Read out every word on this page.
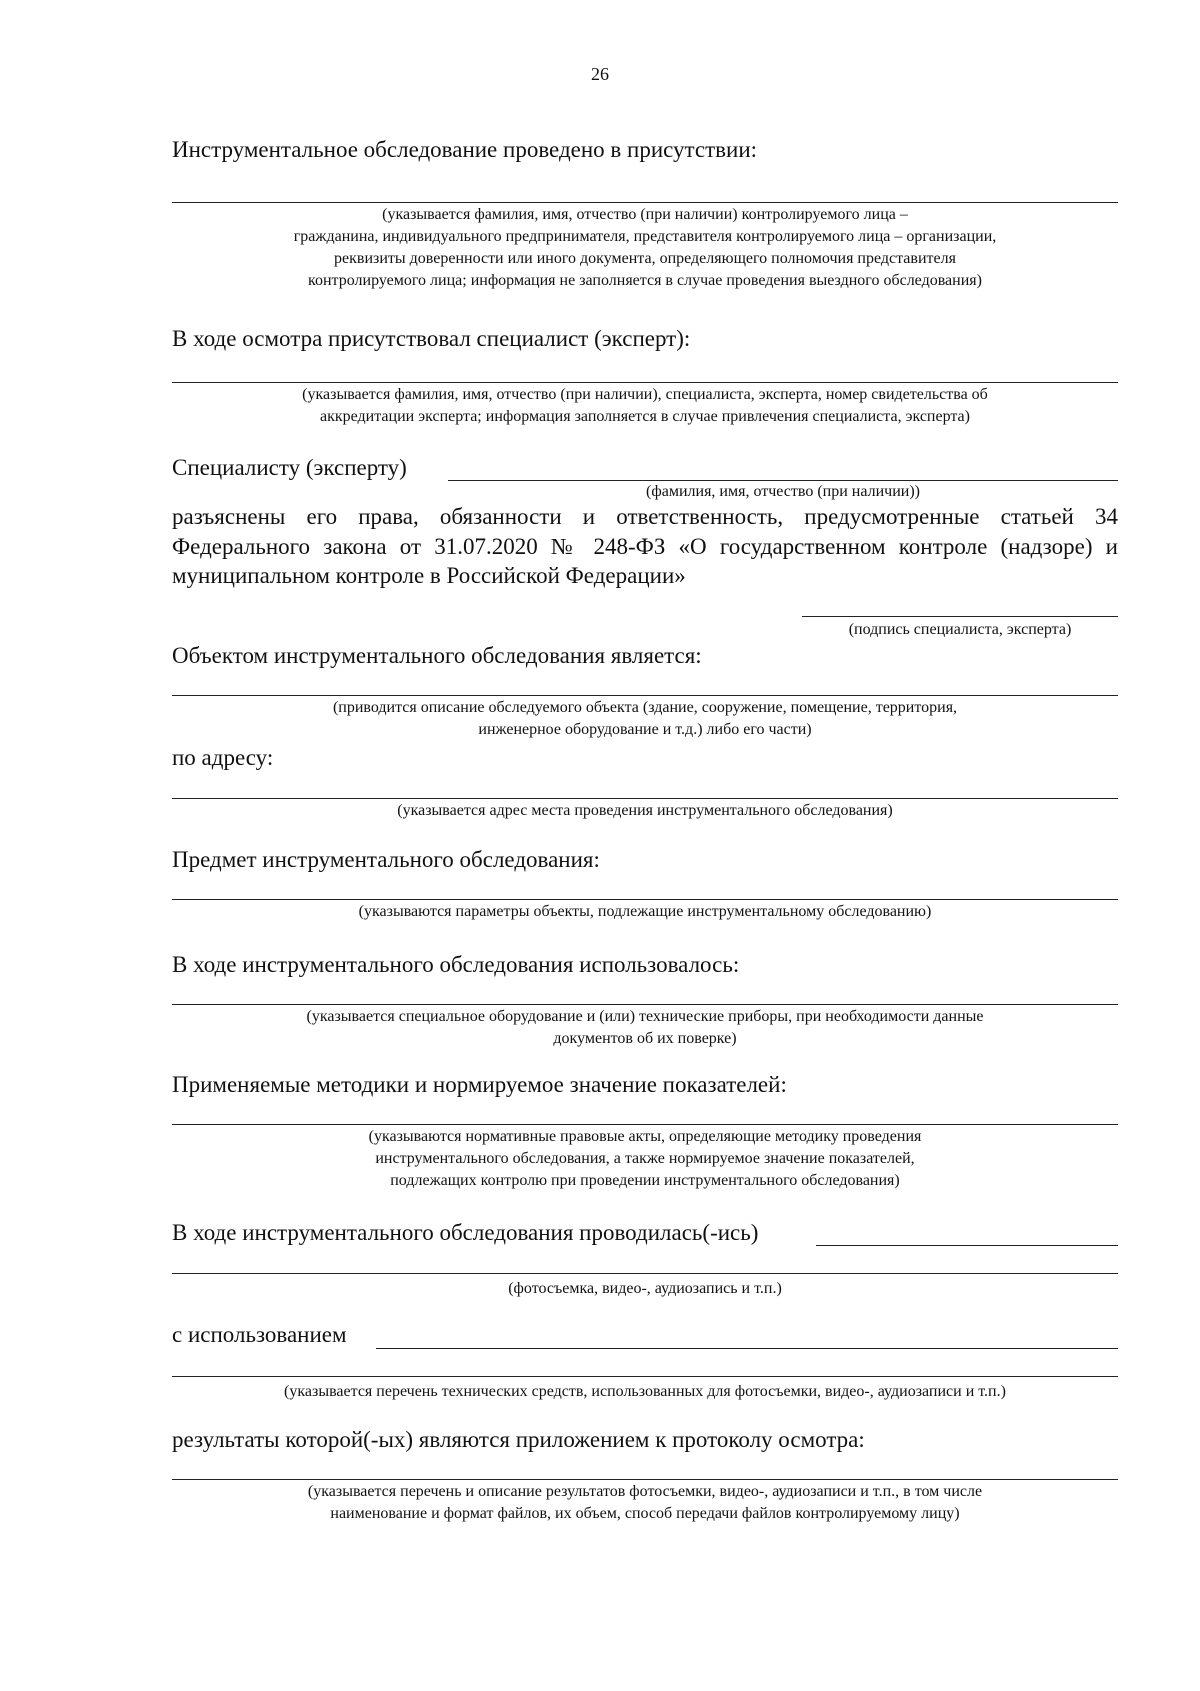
26
Инструментальное обследование проведено в присутствии:
(указывается фамилия, имя, отчество (при наличии) контролируемого лица –
гражданина, индивидуального предпринимателя, представителя контролируемого лица – организации,
реквизиты доверенности или иного документа, определяющего полномочия представителя
контролируемого лица; информация не заполняется в случае проведения выездного обследования)
В ходе осмотра присутствовал специалист (эксперт):
(указывается фамилия, имя, отчество (при наличии), специалиста, эксперта, номер свидетельства об
аккредитации эксперта; информация заполняется в случае привлечения специалиста, эксперта)
Специалисту (эксперту)
(фамилия, имя, отчество (при наличии))
разъяснены его права, обязанности и ответственность, предусмотренные статьей 34 Федерального закона от 31.07.2020 № 248-ФЗ «О государственном контроле (надзоре) и муниципальном контроле в Российской Федерации»
(подпись специалиста, эксперта)
Объектом инструментального обследования является:
(приводится описание обследуемого объекта (здание, сооружение, помещение, территория,
инженерное оборудование и т.д.) либо его части)
по адресу:
(указывается адрес места проведения инструментального обследования)
Предмет инструментального обследования:
(указываются параметры объекты, подлежащие инструментальному обследованию)
В ходе инструментального обследования использовалось:
(указывается специальное оборудование и (или) технические приборы, при необходимости данные
документов об их поверке)
Применяемые методики и нормируемое значение показателей:
(указываются нормативные правовые акты, определяющие методику проведения
инструментального обследования, а также нормируемое значение показателей,
подлежащих контролю при проведении инструментального обследования)
В ходе инструментального обследования проводилась(-ись)
(фотосъемка, видео-, аудиозапись и т.п.)
с использованием
(указывается перечень технических средств, использованных для фотосъемки, видео-, аудиозаписи и т.п.)
результаты которой(-ых) являются приложением к протоколу осмотра:
(указывается перечень и описание результатов фотосъемки, видео-, аудиозаписи и т.п., в том числе
наименование и формат файлов, их объем, способ передачи файлов контролируемому лицу)
